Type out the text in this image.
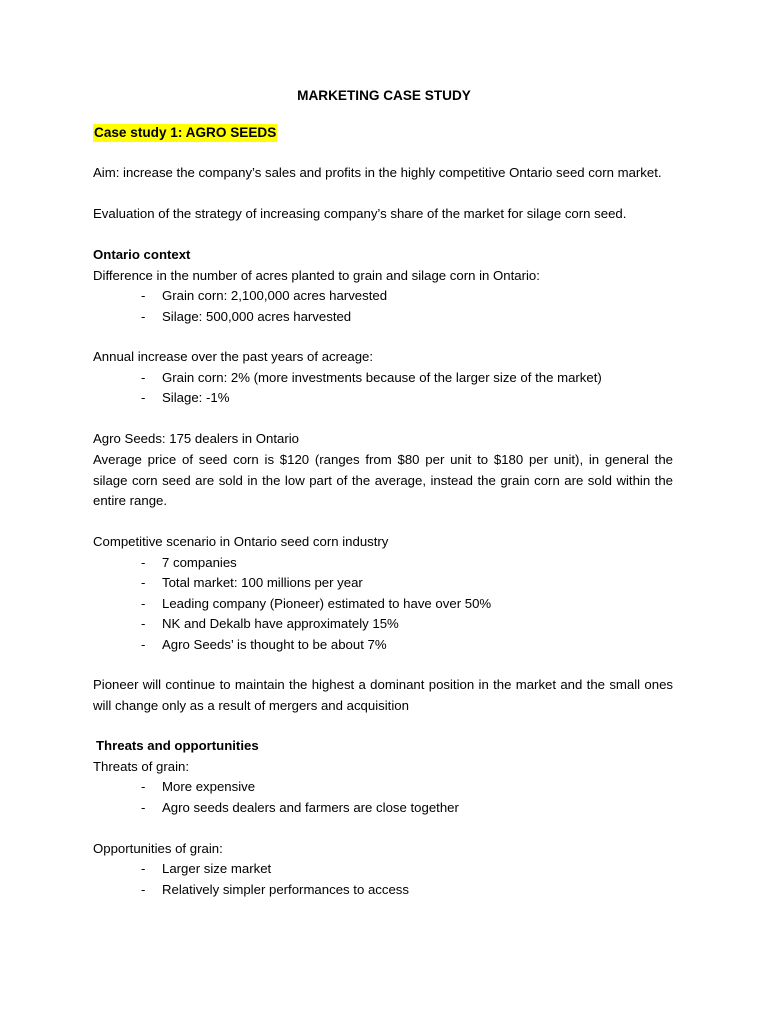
MARKETING CASE STUDY
Case study 1: AGRO SEEDS
Aim: increase the company’s sales and profits in the highly competitive Ontario seed corn market.
Evaluation of the strategy of increasing company’s share of the market for silage corn seed.
Ontario context
Difference in the number of acres planted to grain and silage corn in Ontario:
- Grain corn: 2,100,000 acres harvested
- Silage: 500,000 acres harvested
Annual increase over the past years of acreage:
- Grain corn: 2% (more investments because of the larger size of the market)
- Silage: -1%
Agro Seeds: 175 dealers in Ontario
Average price of seed corn is $120 (ranges from $80 per unit to $180 per unit), in general the silage corn seed are sold in the low part of the average, instead the grain corn are sold within the entire range.
Competitive scenario in Ontario seed corn industry
- 7 companies
- Total market: 100 millions per year
- Leading company (Pioneer) estimated to have over 50%
- NK and Dekalb have approximately 15%
- Agro Seeds’ is thought to be about 7%
Pioneer will continue to maintain the highest a dominant position in the market and the small ones will change only as a result of mergers and acquisition
Threats and opportunities
Threats of grain:
- More expensive
- Agro seeds dealers and farmers are close together
Opportunities of grain:
- Larger size market
- Relatively simpler performances to access
